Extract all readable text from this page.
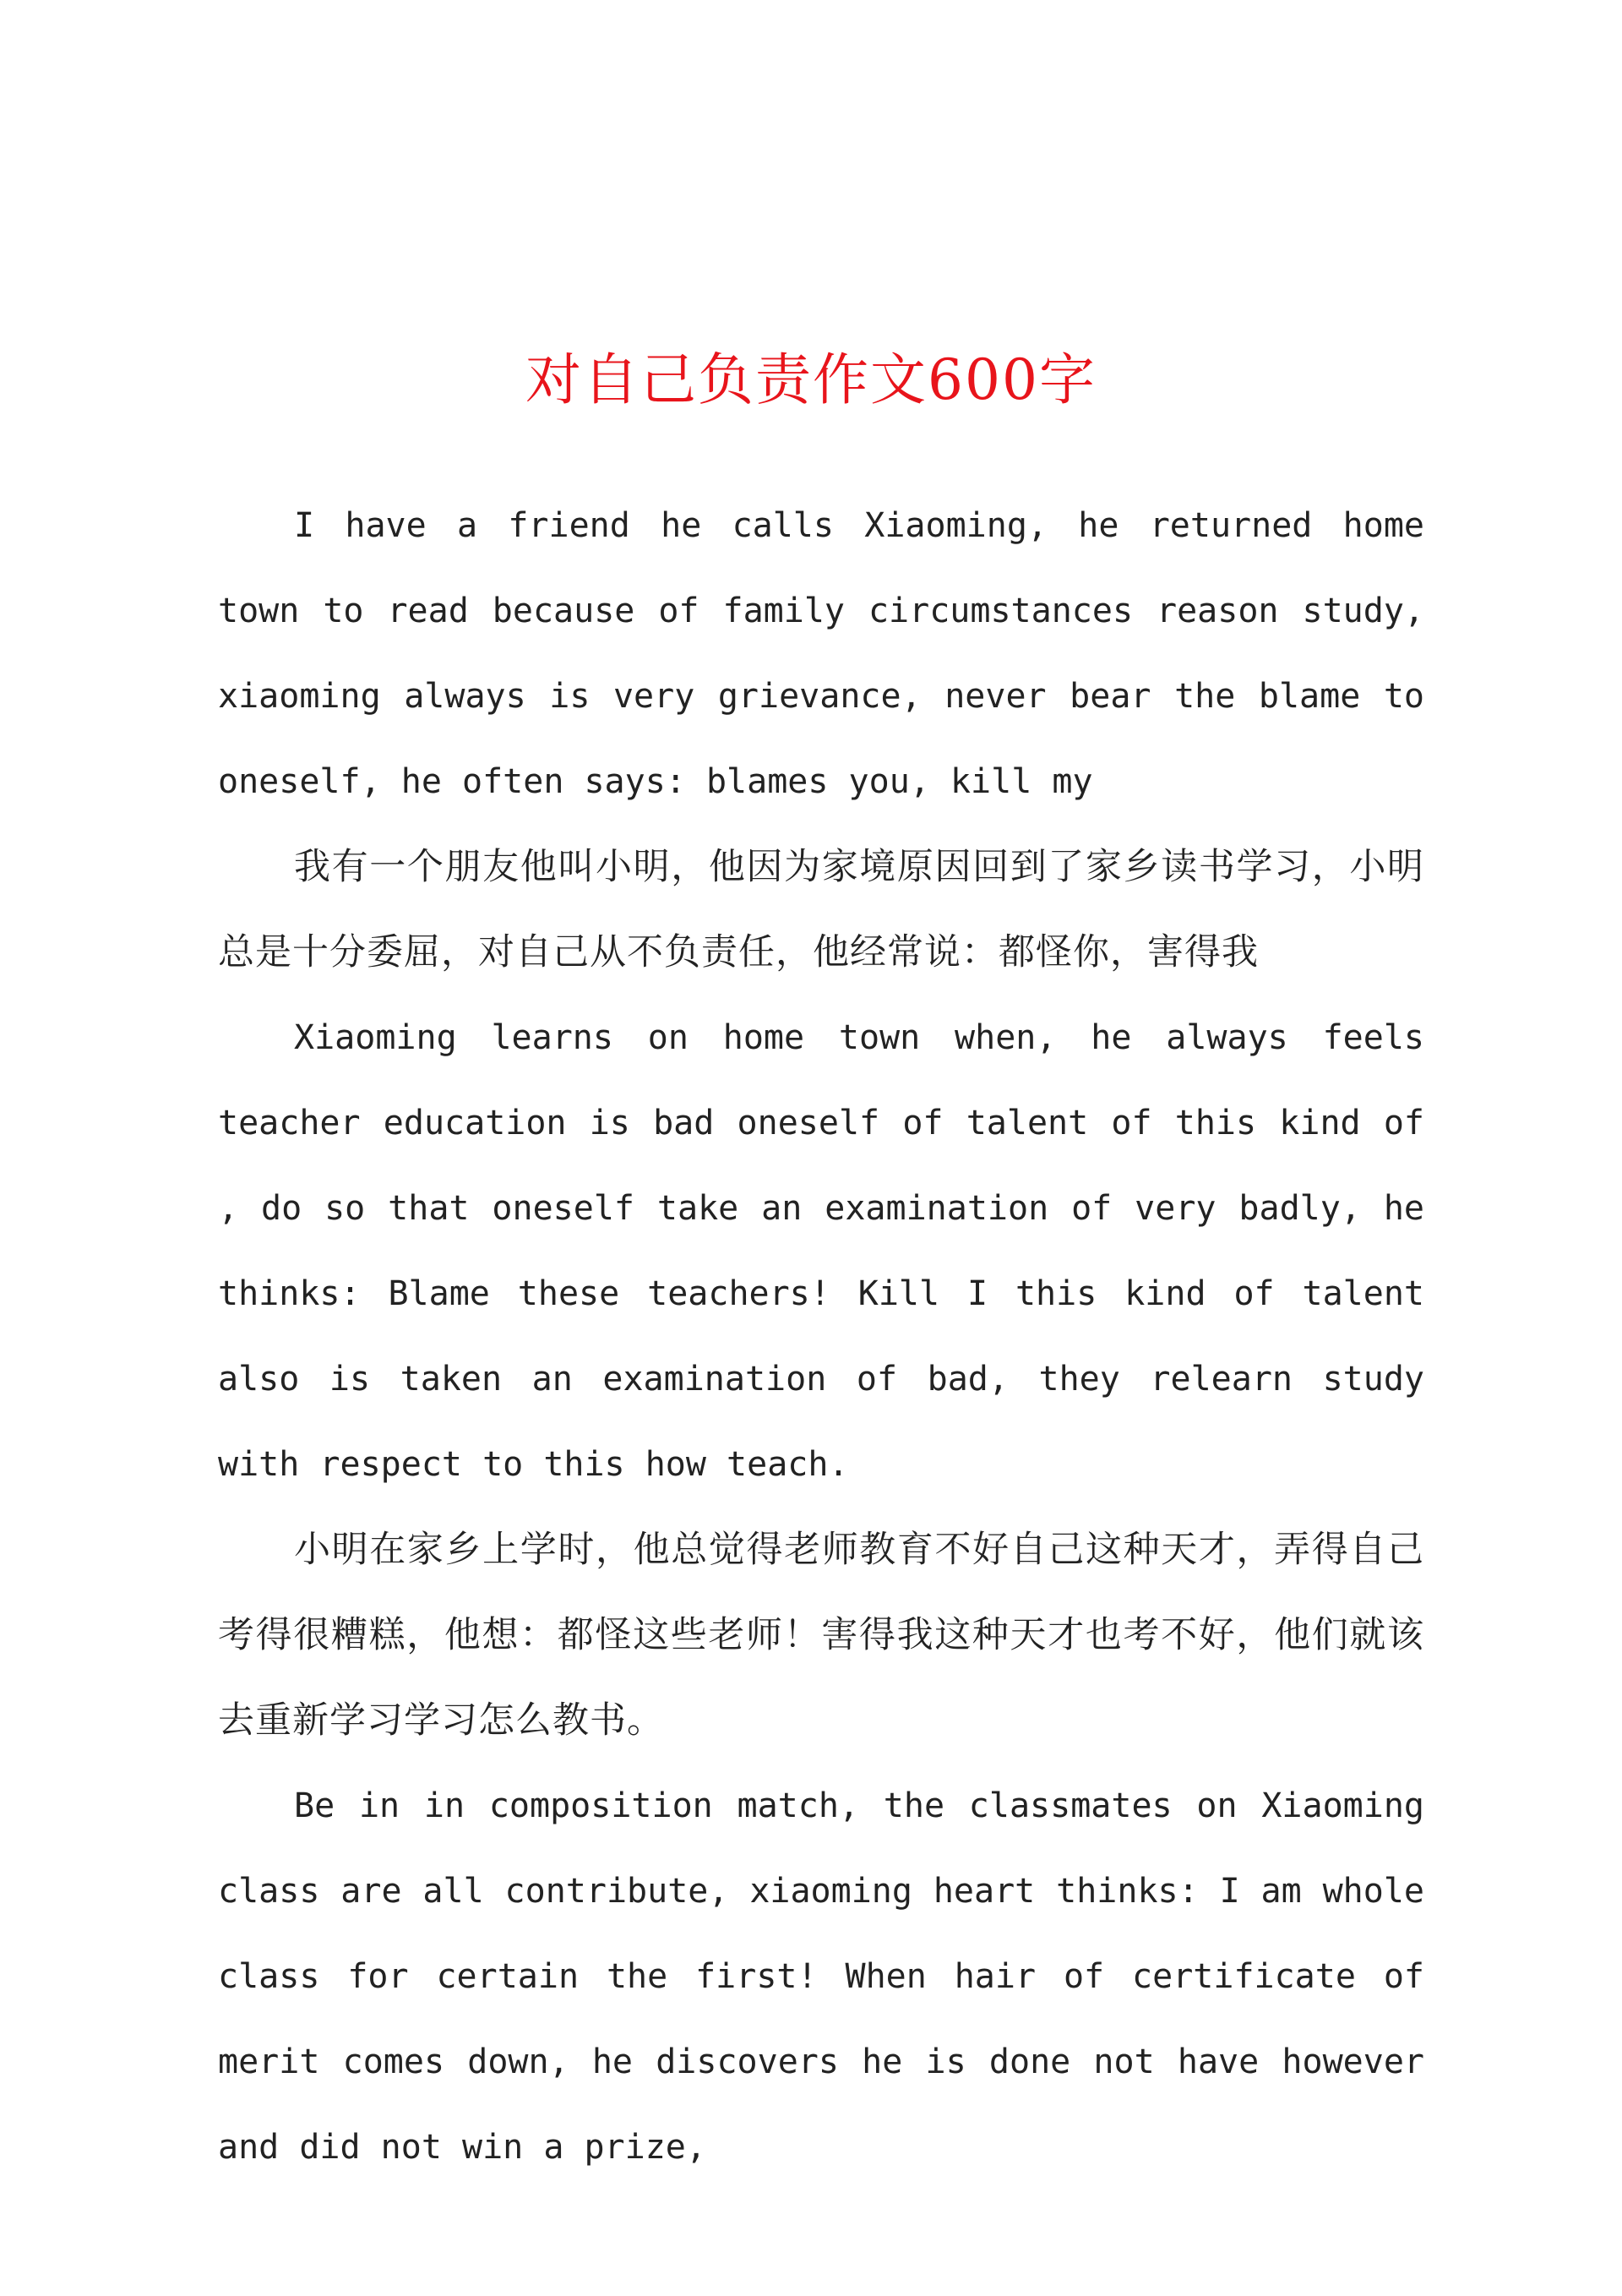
对自己负责作文600字

I have a friend he calls Xiaoming, he returned home town to read because of family circumstances reason study, xiaoming always is very grievance, never bear the blame to oneself, he often says: blames you, kill my

我有一个朋友他叫小明，他因为家境原因回到了家乡读书学习，小明总是十分委屈，对自己从不负责任，他经常说：都怪你，害得我

Xiaoming learns on home town when, he always feels teacher education is bad oneself of talent of this kind of , do so that oneself take an examination of very badly, he thinks: Blame these teachers! Kill I this kind of talent also is taken an examination of bad, they relearn study with respect to this how teach.

小明在家乡上学时，他总觉得老师教育不好自己这种天才，弄得自己考得很糟糕，他想：都怪这些老师！害得我这种天才也考不好，他们就该去重新学习学习怎么教书。

Be in in composition match, the classmates on Xiaoming class are all contribute, xiaoming heart thinks: I am whole class for certain the first! When hair of certificate of merit comes down, he discovers he is done not have however and did not win a prize,
